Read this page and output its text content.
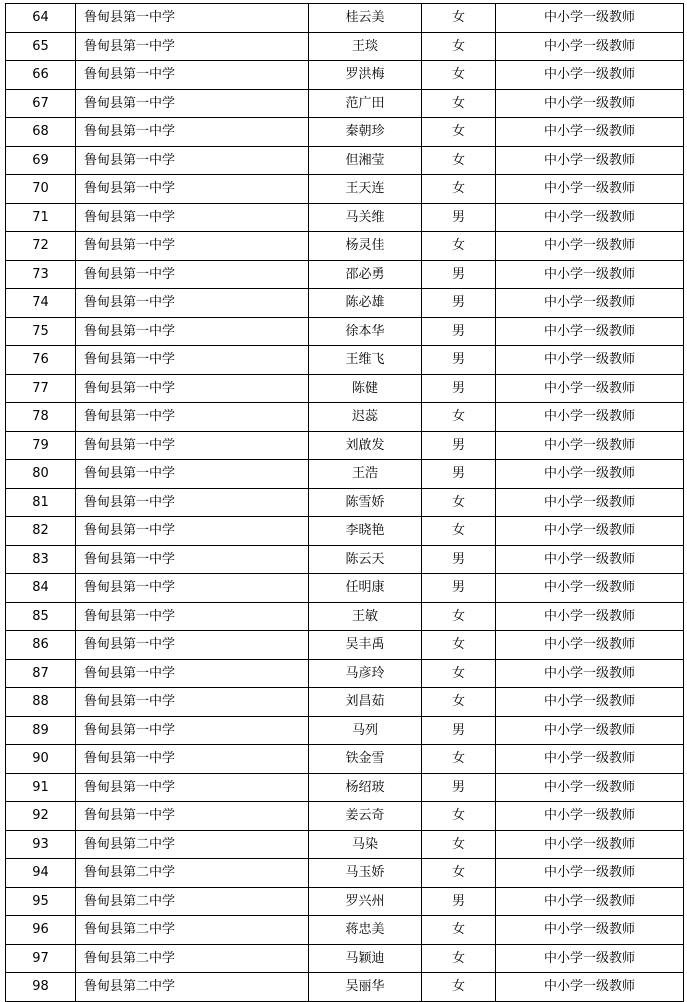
64	鲁甸县第一中学	桂云美	女	中小学一级教师
65	鲁甸县第一中学	王琰	女	中小学一级教师
66	鲁甸县第一中学	罗洪梅	女	中小学一级教师
67	鲁甸县第一中学	范广田	女	中小学一级教师
68	鲁甸县第一中学	秦朝珍	女	中小学一级教师
69	鲁甸县第一中学	但湘莹	女	中小学一级教师
70	鲁甸县第一中学	王天连	女	中小学一级教师
71	鲁甸县第一中学	马关维	男	中小学一级教师
72	鲁甸县第一中学	杨灵佳	女	中小学一级教师
73	鲁甸县第一中学	邵必勇	男	中小学一级教师
74	鲁甸县第一中学	陈必雄	男	中小学一级教师
75	鲁甸县第一中学	徐本华	男	中小学一级教师
76	鲁甸县第一中学	王维飞	男	中小学一级教师
77	鲁甸县第一中学	陈健	男	中小学一级教师
78	鲁甸县第一中学	迟蕊	女	中小学一级教师
79	鲁甸县第一中学	刘啟发	男	中小学一级教师
80	鲁甸县第一中学	王浩	男	中小学一级教师
81	鲁甸县第一中学	陈雪娇	女	中小学一级教师
82	鲁甸县第一中学	李晓艳	女	中小学一级教师
83	鲁甸县第一中学	陈云天	男	中小学一级教师
84	鲁甸县第一中学	任明康	男	中小学一级教师
85	鲁甸县第一中学	王敏	女	中小学一级教师
86	鲁甸县第一中学	吴丰禹	女	中小学一级教师
87	鲁甸县第一中学	马彦玲	女	中小学一级教师
88	鲁甸县第一中学	刘昌茹	女	中小学一级教师
89	鲁甸县第一中学	马列	男	中小学一级教师
90	鲁甸县第一中学	铁金雪	女	中小学一级教师
91	鲁甸县第一中学	杨绍玻	男	中小学一级教师
92	鲁甸县第一中学	姜云奇	女	中小学一级教师
93	鲁甸县第二中学	马染	女	中小学一级教师
94	鲁甸县第二中学	马玉娇	女	中小学一级教师
95	鲁甸县第二中学	罗兴州	男	中小学一级教师
96	鲁甸县第二中学	蒋忠美	女	中小学一级教师
97	鲁甸县第二中学	马颖迪	女	中小学一级教师
98	鲁甸县第二中学	吴丽华	女	中小学一级教师
